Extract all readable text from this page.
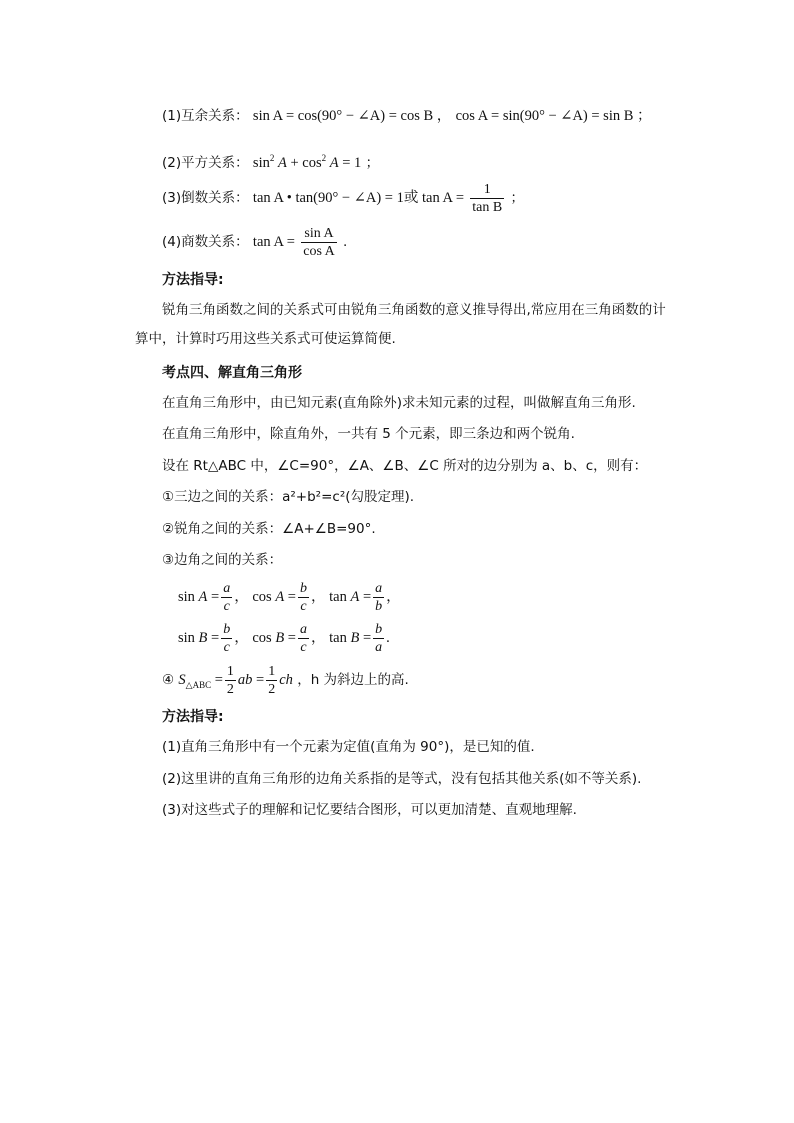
(1)互余关系： sin A = cos(90° − ∠A) = cos B ， cos A = sin(90° − ∠A) = sin B ；
(2)平方关系： $\sin^2 A + \cos^2 A = 1$ ；
(3)倒数关系： tan A • tan(90° − ∠A) = 1或 $\tan A = \frac{1}{\text{tan B}}$ ；
(4)商数关系： $\tan A = \frac{\text{sin A}}{\text{cos A}}$ .
方法指导:
锐角三角函数之间的关系式可由锐角三角函数的意义推导得出,常应用在三角函数的计算中，计算时巧用这些关系式可使运算简便.
考点四、解直角三角形
在直角三角形中，由已知元素(直角除外)求未知元素的过程，叫做解直角三角形.
在直角三角形中，除直角外，一共有 5 个元素，即三条边和两个锐角.
设在 Rt△ABC 中，∠C=90°，∠A、∠B、∠C 所对的边分别为 a、b、c，则有：
①三边之间的关系：a²+b²=c²(勾股定理).
②锐角之间的关系：∠A+∠B=90°.
③边角之间的关系：
$\sin A = \frac{a}{c}$ ， $\cos A = \frac{b}{c}$ ， $\tan A = \frac{a}{b}$ ，
$\sin B = \frac{b}{c}$ ， $\cos B = \frac{a}{c}$ ， $\tan B = \frac{b}{a}$ .
④ $S_{\triangle ABC} = \frac{1}{2}$ ab = $\frac{1}{2}$ ch ，h 为斜边上的高.
方法指导:
(1)直角三角形中有一个元素为定值(直角为 90°)，是已知的值.
(2)这里讲的直角三角形的边角关系指的是等式，没有包括其他关系(如不等关系).
(3)对这些式子的理解和记忆要结合图形，可以更加清楚、直观地理解.
